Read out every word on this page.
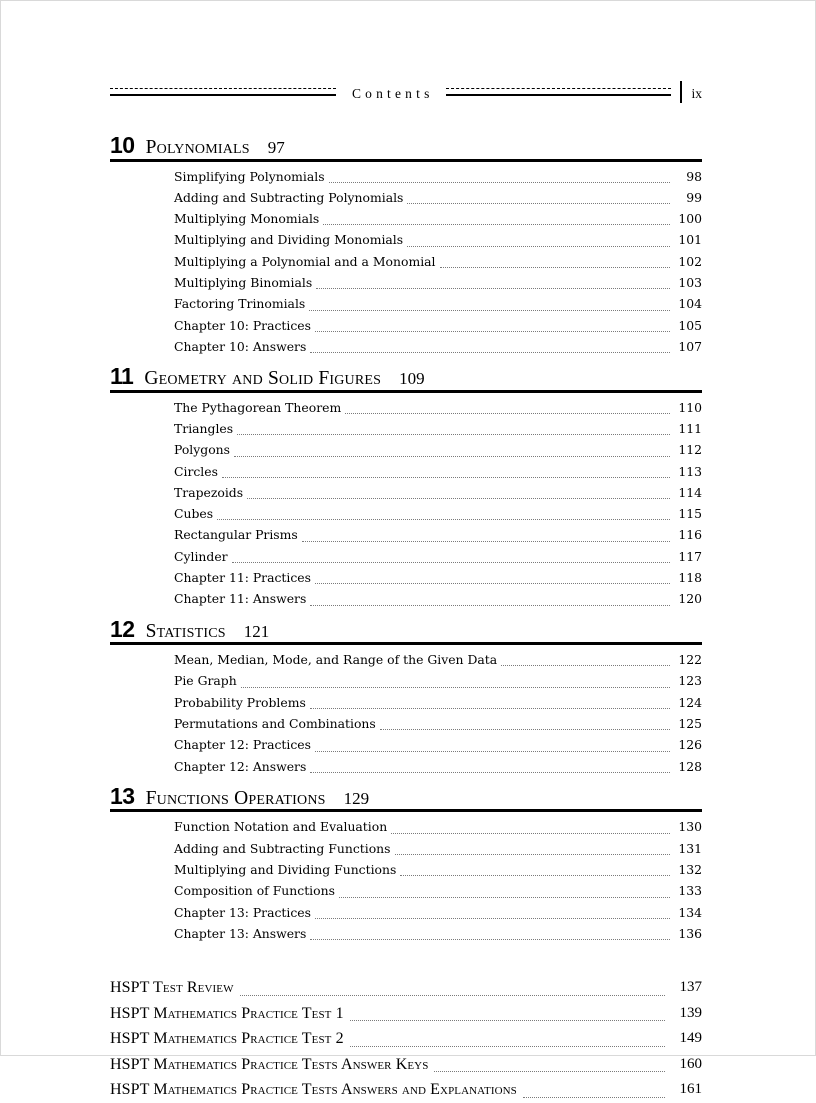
Contents	ix
10 Polynomials 97
Simplifying Polynomials	98
Adding and Subtracting Polynomials	99
Multiplying Monomials	100
Multiplying and Dividing Monomials	101
Multiplying a Polynomial and a Monomial	102
Multiplying Binomials	103
Factoring Trinomials	104
Chapter 10: Practices	105
Chapter 10: Answers	107
11 Geometry and Solid Figures 109
The Pythagorean Theorem	110
Triangles	111
Polygons	112
Circles	113
Trapezoids	114
Cubes	115
Rectangular Prisms	116
Cylinder	117
Chapter 11: Practices	118
Chapter 11: Answers	120
12 Statistics 121
Mean, Median, Mode, and Range of the Given Data	122
Pie Graph	123
Probability Problems	124
Permutations and Combinations	125
Chapter 12: Practices	126
Chapter 12: Answers	128
13 Functions Operations 129
Function Notation and Evaluation	130
Adding and Subtracting Functions	131
Multiplying and Dividing Functions	132
Composition of Functions	133
Chapter 13: Practices	134
Chapter 13: Answers	136
HSPT Test Review	137
HSPT Mathematics Practice Test 1	139
HSPT Mathematics Practice Test 2	149
HSPT Mathematics Practice Tests Answer Keys	160
HSPT Mathematics Practice Tests Answers and Explanations	161
